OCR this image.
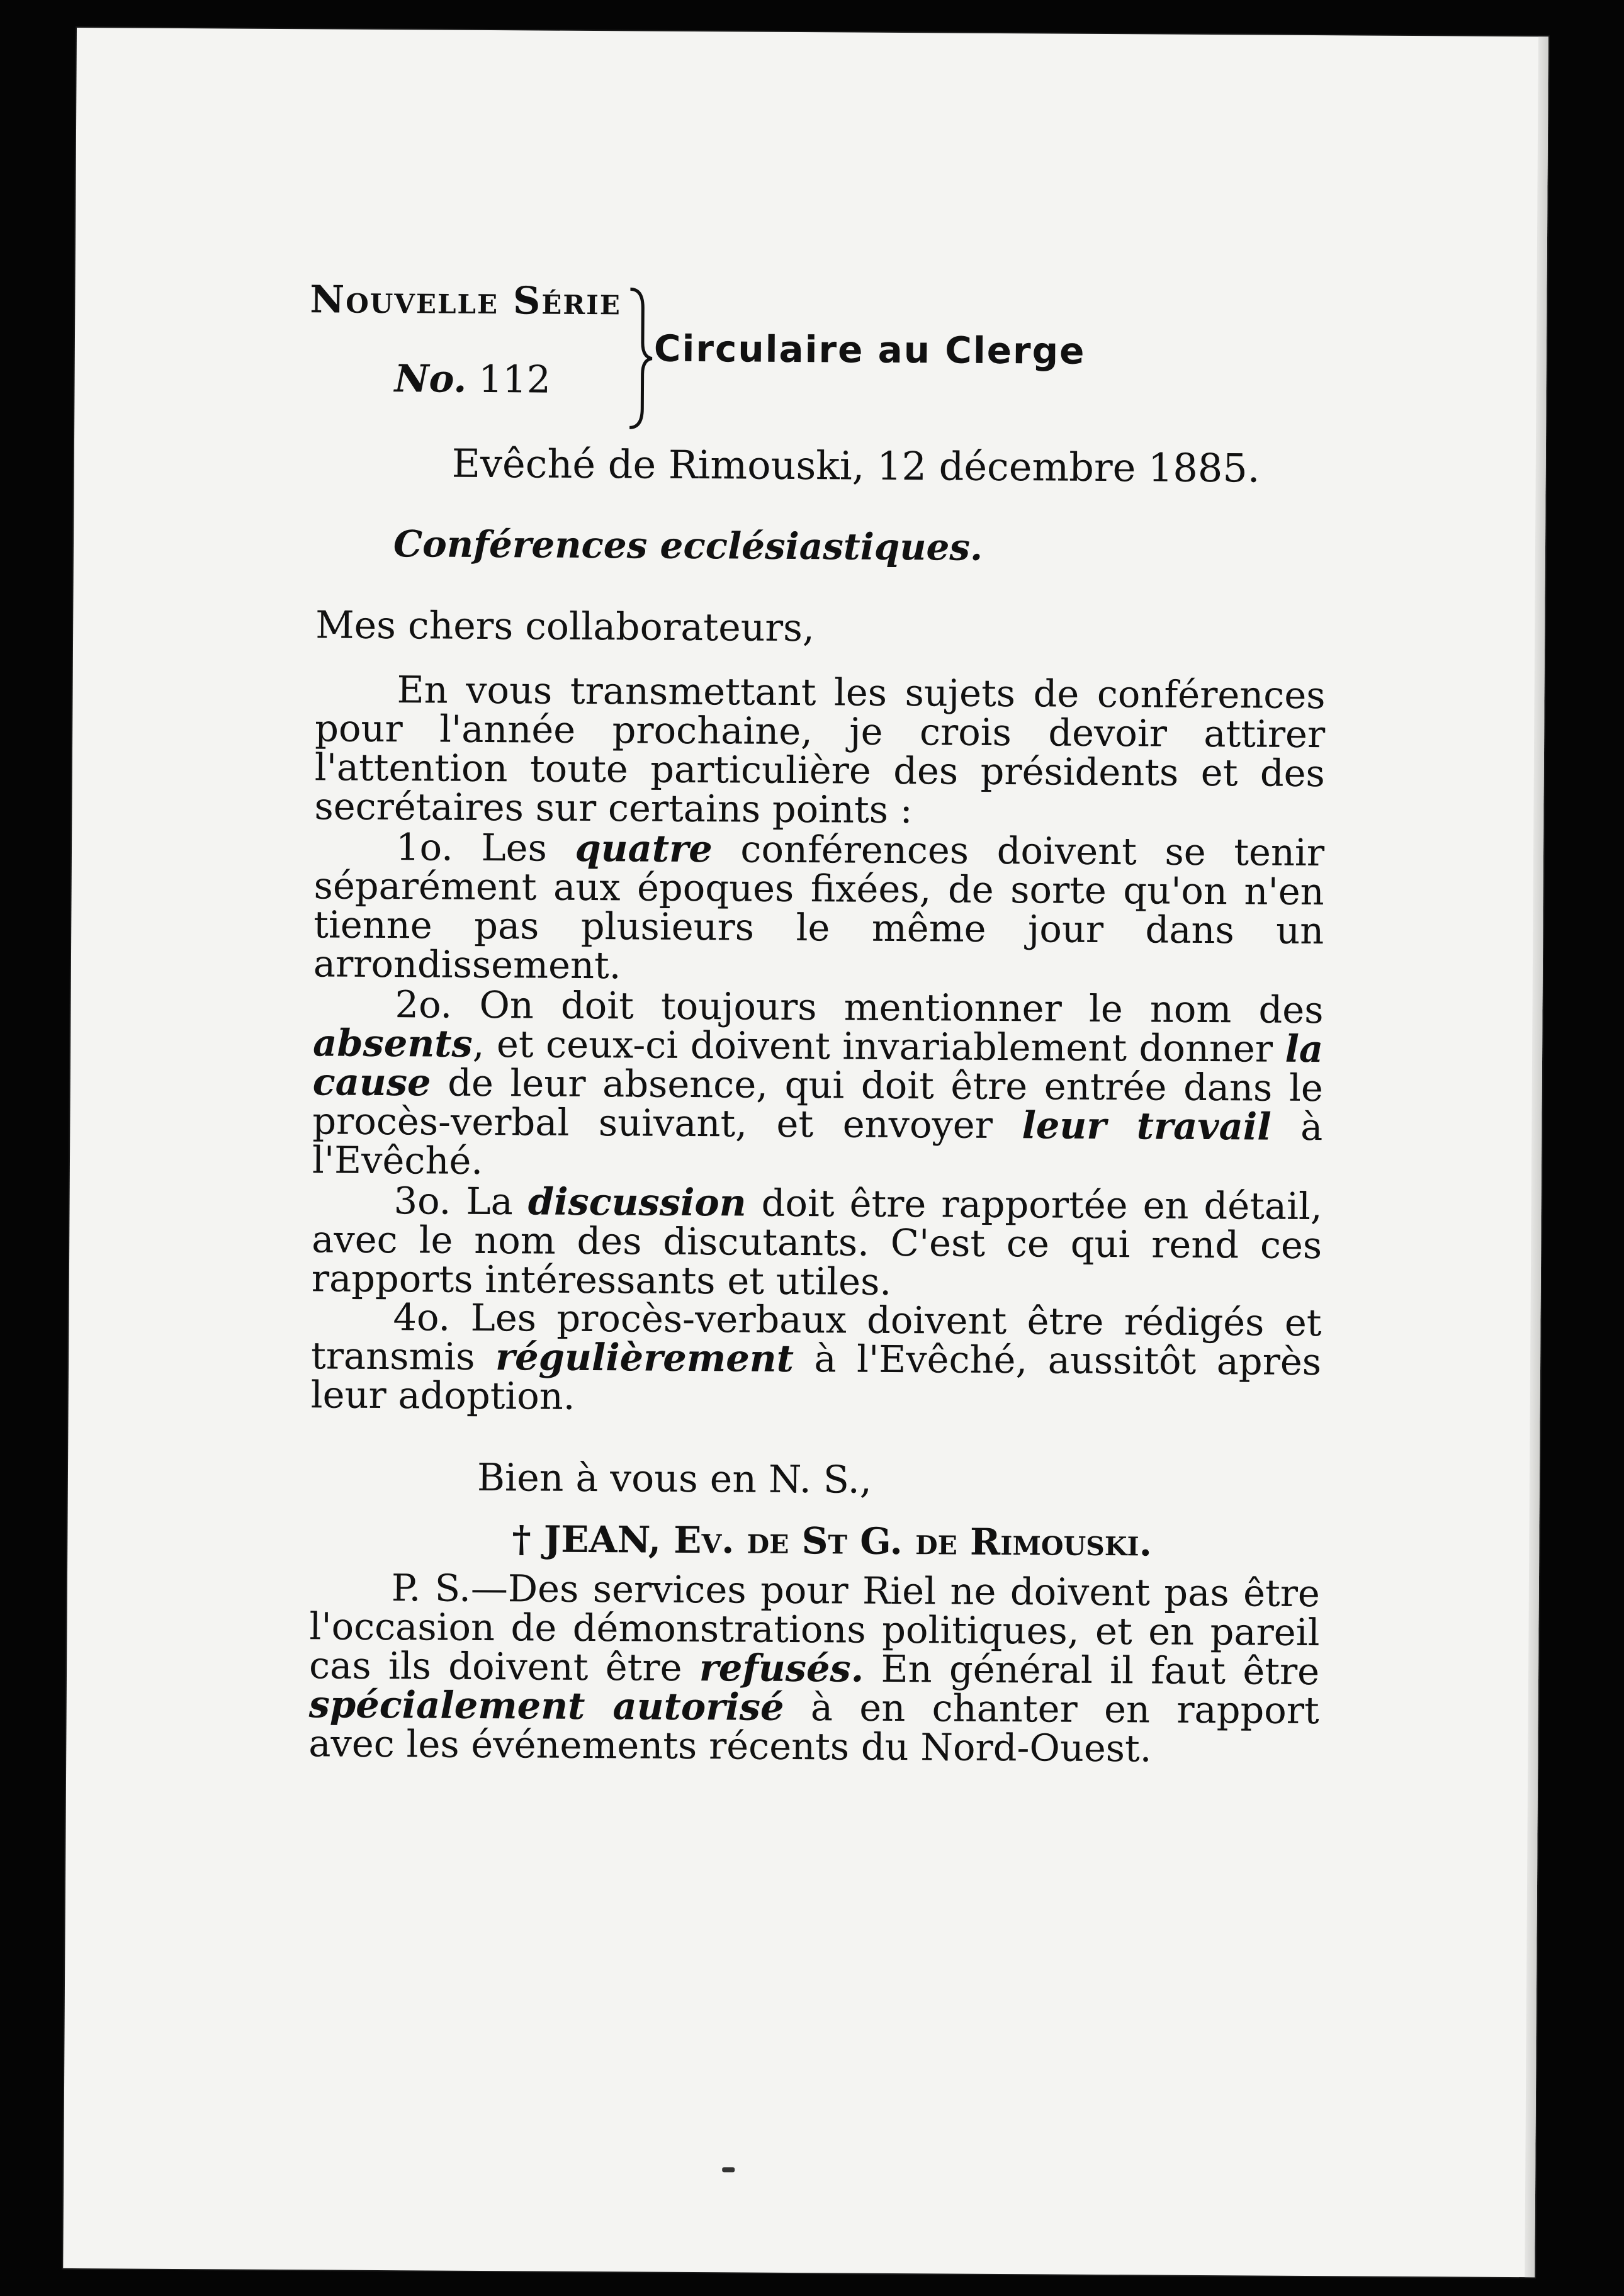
Nouvelle Série
No. 112
Circulaire au Clerge
Evêché de Rimouski, 12 décembre 1885.
Conférences ecclésiastiques.
Mes chers collaborateurs,

En vous transmettant les sujets de conférences pour l'année prochaine, je crois devoir attirer l'attention toute particulière des présidents et des secrétaires sur certains points :

1o. Les quatre conférences doivent se tenir séparément aux époques fixées, de sorte qu'on n'en tienne pas plusieurs le même jour dans un arrondissement.

2o. On doit toujours mentionner le nom des absents, et ceux-ci doivent invariablement donner la cause de leur absence, qui doit être entrée dans le procès-verbal suivant, et envoyer leur travail à l'Evêché.

3o. La discussion doit être rapportée en détail, avec le nom des discutants. C'est ce qui rend ces rapports intéressants et utiles.

4o. Les procès-verbaux doivent être rédigés et transmis régulièrement à l'Evêché, aussitôt après leur adoption.

Bien à vous en N. S.,
† JEAN, Ev. de St G. de Rimouski.

P. S.—Des services pour Riel ne doivent pas être l'occasion de démonstrations politiques, et en pareil cas ils doivent être refusés. En général il faut être spécialement autorisé à en chanter en rapport avec les événements récents du Nord-Ouest.
